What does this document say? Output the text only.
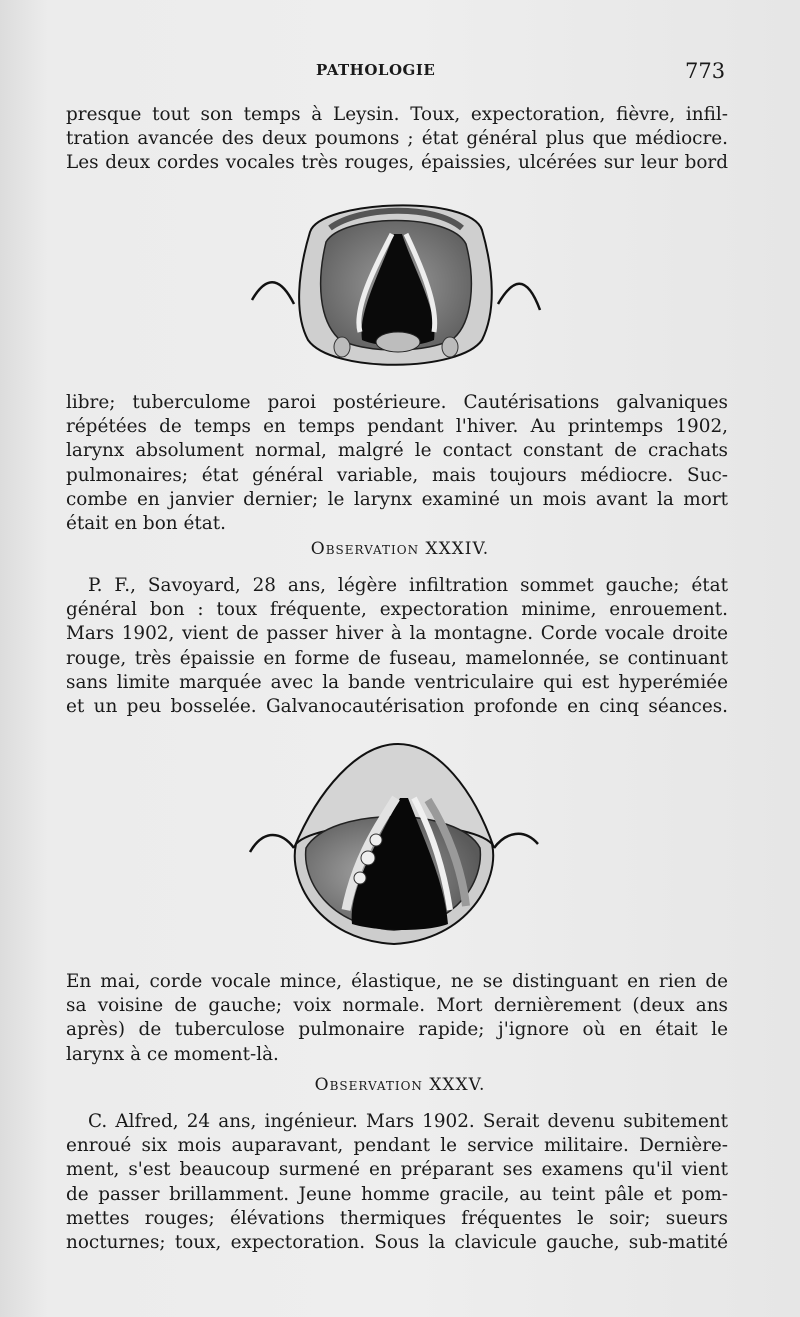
PATHOLOGIE	773
presque tout son temps à Leysin. Toux, expectoration, fièvre, infil-
tration avancée des deux poumons ; état général plus que médiocre.
Les deux cordes vocales très rouges, épaissies, ulcérées sur leur bord
libre; tuberculome paroi postérieure. Cautérisations galvaniques
répétées de temps en temps pendant l'hiver. Au printemps 1902,
larynx absolument normal, malgré le contact constant de crachats
pulmonaires; état général variable, mais toujours médiocre. Suc-
combe en janvier dernier; le larynx examiné un mois avant la mort
était en bon état.
Observation XXXIV.
P. F., Savoyard, 28 ans, légère infiltration sommet gauche; état
général bon : toux fréquente, expectoration minime, enrouement.
Mars 1902, vient de passer hiver à la montagne. Corde vocale droite
rouge, très épaissie en forme de fuseau, mamelonnée, se continuant
sans limite marquée avec la bande ventriculaire qui est hyperémiée
et un peu bosselée. Galvanocautérisation profonde en cinq séances.
En mai, corde vocale mince, élastique, ne se distinguant en rien de
sa voisine de gauche; voix normale. Mort dernièrement (deux ans
après) de tuberculose pulmonaire rapide; j'ignore où en était le
larynx à ce moment-là.
Observation XXXV.
C. Alfred, 24 ans, ingénieur. Mars 1902. Serait devenu subitement
enroué six mois auparavant, pendant le service militaire. Dernière-
ment, s'est beaucoup surmené en préparant ses examens qu'il vient
de passer brillamment. Jeune homme gracile, au teint pâle et pom-
mettes rouges; élévations thermiques fréquentes le soir; sueurs
nocturnes; toux, expectoration. Sous la clavicule gauche, sub-matité
